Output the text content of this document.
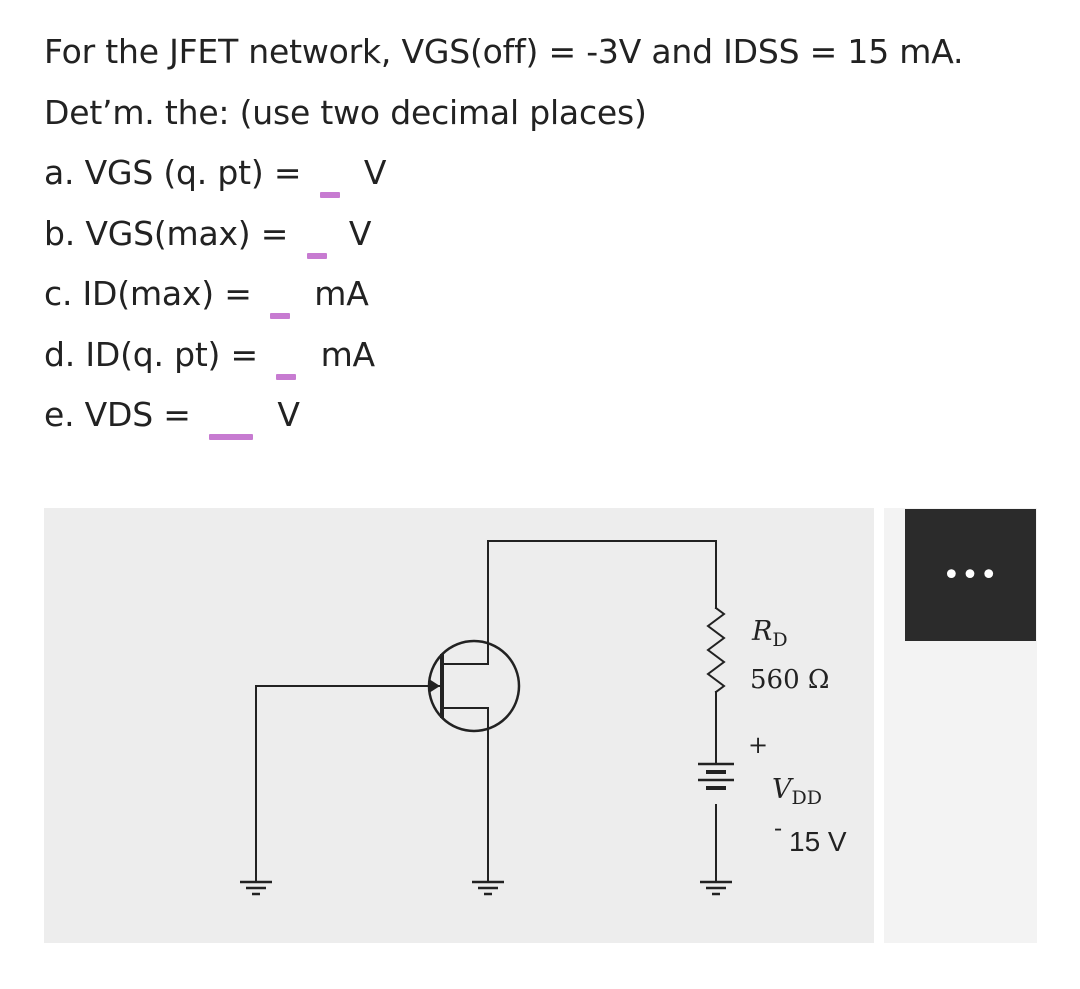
For the JFET network, VGS(off) = -3V and IDSS = 15 mA.
Det’m. the: (use two decimal places)
a. VGS (q. pt) = V
b. VGS(max) = V
c. ID(max) = mA
d. ID(q. pt) = mA
e. VDS =	V
$R_D$
560 Ω
+
-
$V_{DD}$
15 V
•••
